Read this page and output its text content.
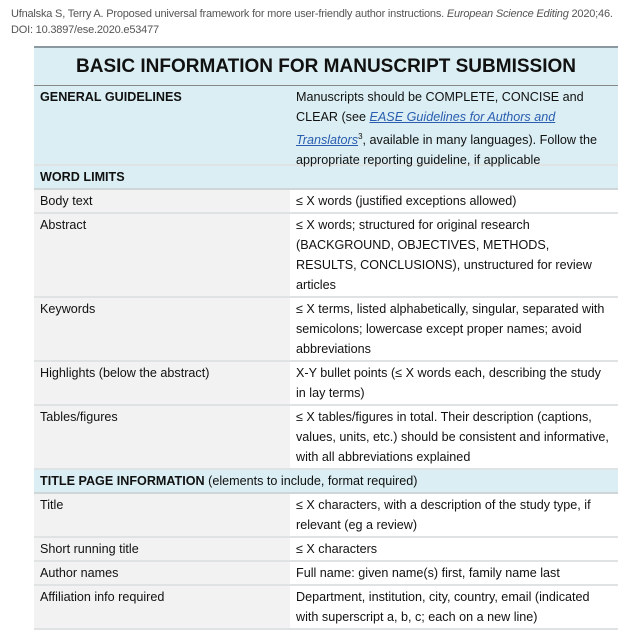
Ufnalska S, Terry A. Proposed universal framework for more user-friendly author instructions. European Science Editing 2020;46.
DOI: 10.3897/ese.2020.e53477
BASIC INFORMATION FOR MANUSCRIPT SUBMISSION
GENERAL GUIDELINES	Manuscripts should be COMPLETE, CONCISE and CLEAR (see EASE Guidelines for Authors and Translators$^3$, available in many languages). Follow the appropriate reporting guideline, if applicable
WORD LIMITS
Body text	≤ X words (justified exceptions allowed)
Abstract	≤ X words; structured for original research (BACKGROUND, OBJECTIVES, METHODS, RESULTS, CONCLUSIONS), unstructured for review articles
Keywords	≤ X terms, listed alphabetically, singular, separated with semicolons; lowercase except proper names; avoid abbreviations
Highlights (below the abstract)	X-Y bullet points (≤ X words each, describing the study in lay terms)
Tables/figures	≤ X tables/figures in total. Their description (captions, values, units, etc.) should be consistent and informative, with all abbreviations explained
TITLE PAGE INFORMATION (elements to include, format required)
Title	≤ X characters, with a description of the study type, if relevant (eg a review)
Short running title	≤ X characters
Author names	Full name: given name(s) first, family name last
Affiliation info required	Department, institution, city, country, email (indicated with superscript a, b, c; each on a new line)
